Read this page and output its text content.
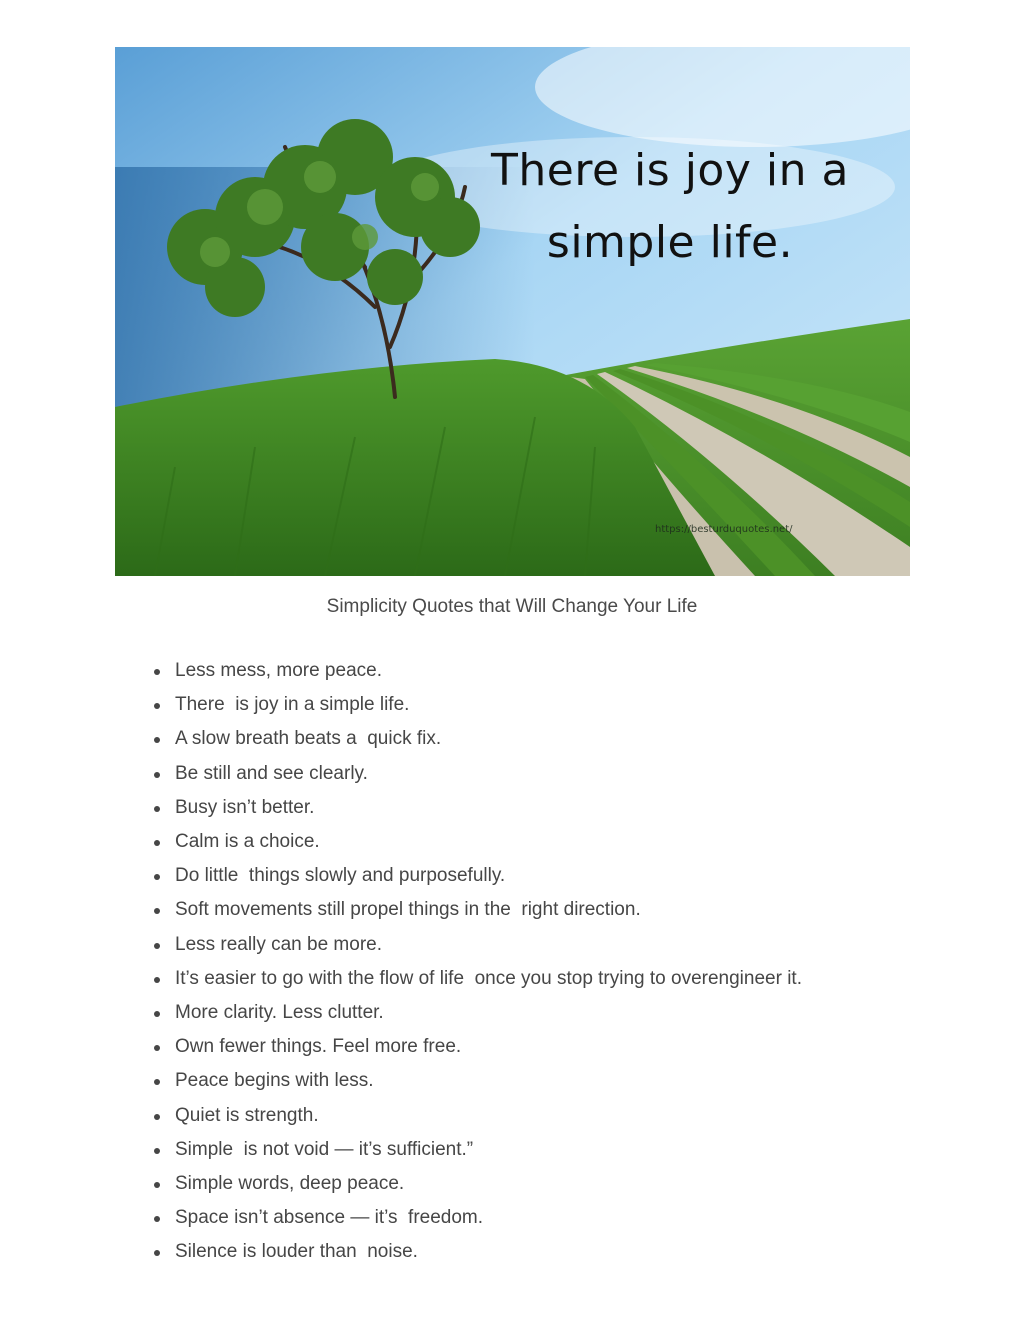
There is joy in a
simple life.
https://besturduquotes.net/
Simplicity Quotes that Will Change Your Life
Less mess, more peace.
There  is joy in a simple life.
A slow breath beats a  quick fix.
Be still and see clearly.
Busy isn’t better.
Calm is a choice.
Do little  things slowly and purposefully.
Soft movements still propel things in the  right direction.
Less really can be more.
It’s easier to go with the flow of life  once you stop trying to overengineer it.
More clarity. Less clutter.
Own fewer things. Feel more free.
Peace begins with less.
Quiet is strength.
Simple  is not void — it’s sufficient.”
Simple words, deep peace.
Space isn’t absence — it’s  freedom.
Silence is louder than  noise.
